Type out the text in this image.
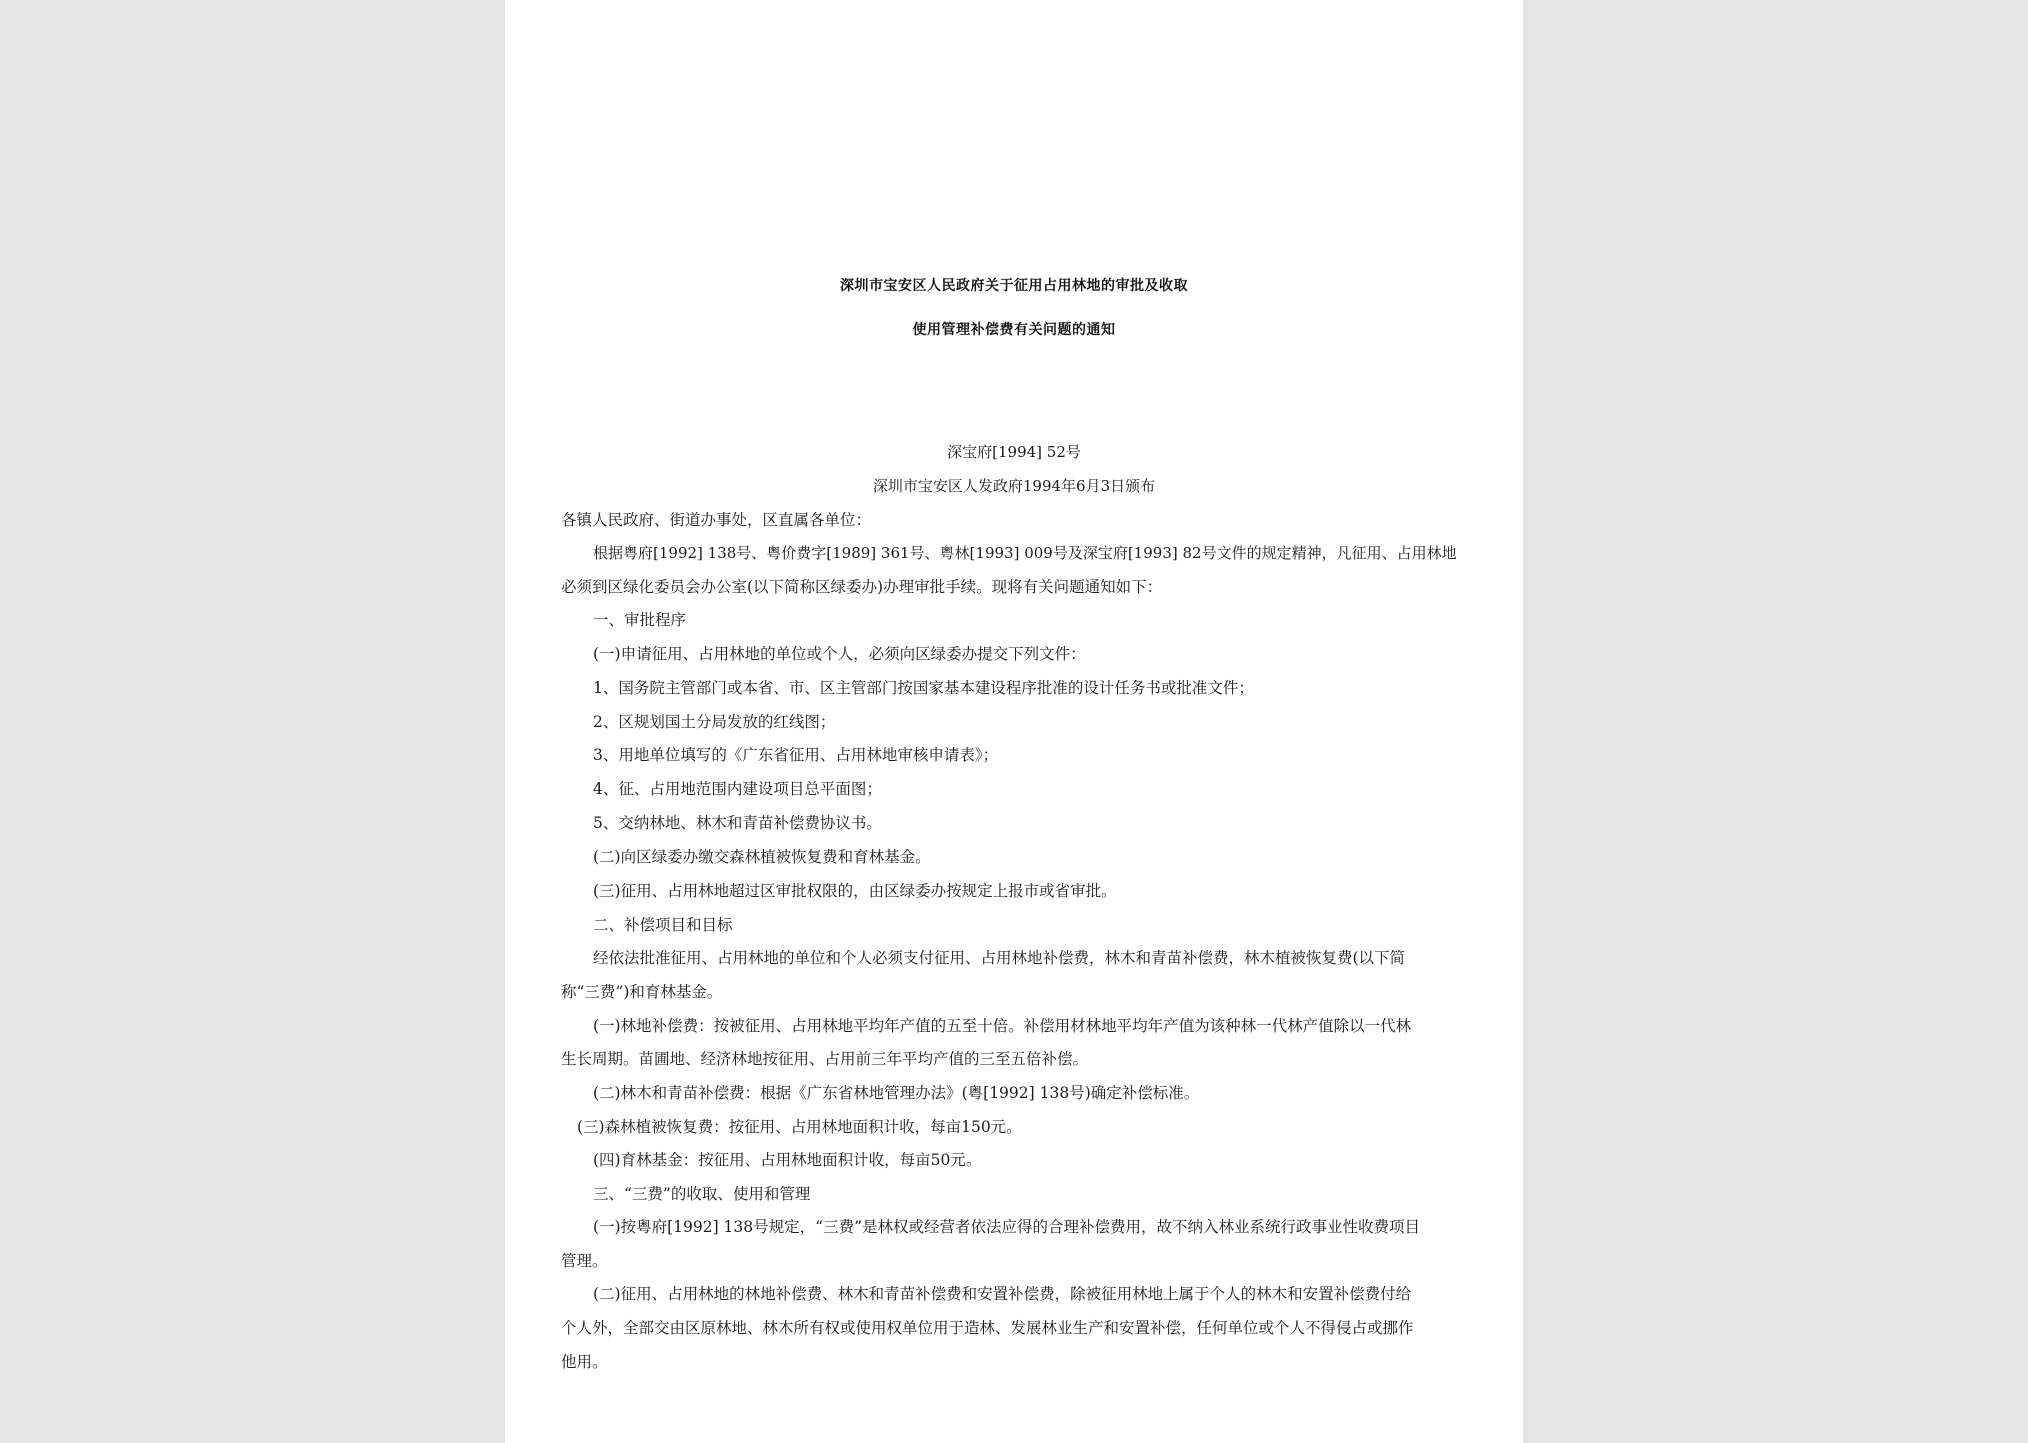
深圳市宝安区人民政府关于征用占用林地的审批及收取
使用管理补偿费有关问题的通知
深宝府[1994] 52号
深圳市宝安区人发政府1994年6月3日颁布
各镇人民政府、街道办事处，区直属各单位：
根据粤府[1992] 138号、粤价费字[1989] 361号、粤林[1993] 009号及深宝府[1993] 82号文件的规定精神，凡征用、占用林地
必须到区绿化委员会办公室(以下简称区绿委办)办理审批手续。现将有关问题通知如下：
一、审批程序
(一)申请征用、占用林地的单位或个人，必须向区绿委办提交下列文件：
1、国务院主管部门或本省、市、区主管部门按国家基本建设程序批准的设计任务书或批准文件；
2、区规划国土分局发放的红线图；
3、用地单位填写的《广东省征用、占用林地审核申请表》；
4、征、占用地范围内建设项目总平面图；
5、交纳林地、林木和青苗补偿费协议书。
(二)向区绿委办缴交森林植被恢复费和育林基金。
(三)征用、占用林地超过区审批权限的，由区绿委办按规定上报市或省审批。
二、补偿项目和目标
经依法批准征用、占用林地的单位和个人必须支付征用、占用林地补偿费，林木和青苗补偿费，林木植被恢复费(以下简
称“三费”)和育林基金。
(一)林地补偿费：按被征用、占用林地平均年产值的五至十倍。补偿用材林地平均年产值为该种林一代林产值除以一代林
生长周期。苗圃地、经济林地按征用、占用前三年平均产值的三至五倍补偿。
(二)林木和青苗补偿费：根据《广东省林地管理办法》(粤[1992] 138号)确定补偿标准。
(三)森林植被恢复费：按征用、占用林地面积计收，每亩150元。
(四)育林基金：按征用、占用林地面积计收，每亩50元。
三、“三费”的收取、使用和管理
(一)按粤府[1992] 138号规定，“三费”是林权或经营者依法应得的合理补偿费用，故不纳入林业系统行政事业性收费项目
管理。
(二)征用、占用林地的林地补偿费、林木和青苗补偿费和安置补偿费，除被征用林地上属于个人的林木和安置补偿费付给
个人外，全部交由区原林地、林木所有权或使用权单位用于造林、发展林业生产和安置补偿，任何单位或个人不得侵占或挪作
他用。
